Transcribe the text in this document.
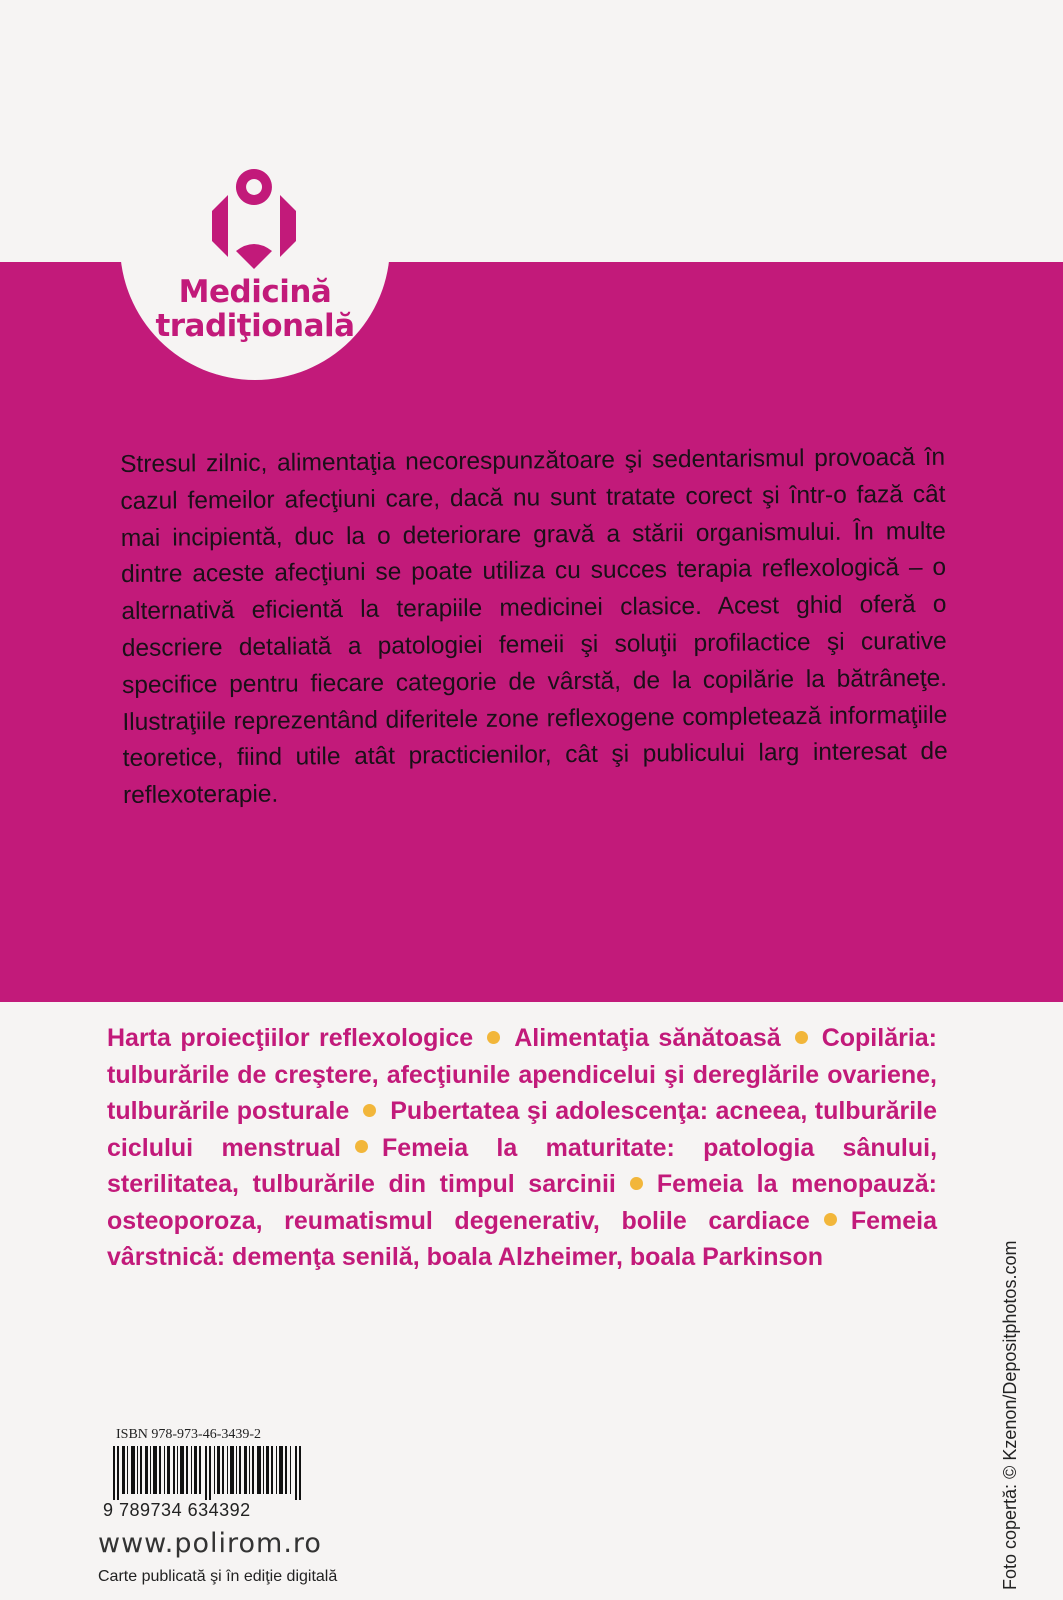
Medicină
tradiţională

Stresul zilnic, alimentaţia necorespunzătoare şi sedentarismul provoacă în cazul femeilor afecţiuni care, dacă nu sunt tratate corect şi într-o fază cât mai incipientă, duc la o deteriorare gravă a stării organismului. În multe dintre aceste afecţiuni se poate utiliza cu succes terapia reflexologică – o alternativă eficientă la terapiile medicinei clasice. Acest ghid oferă o descriere detaliată a patologiei femeii şi soluţii profilactice şi curative specifice pentru fiecare categorie de vârstă, de la copilărie la bătrâneţe. Ilustraţiile reprezentând diferitele zone reflexogene completează informaţiile teoretice, fiind utile atât practicienilor, cât şi publicului larg interesat de reflexoterapie.

Harta proiecţiilor reflexologice Alimentaţia sănătoasă Copilăria: tulburările de creştere, afecţiunile apendicelui şi dereglările ovariene, tulburările posturale Pubertatea şi adolescenţa: acneea, tulburările ciclului menstrual Femeia la maturitate: patologia sânului, sterilitatea, tulburările din timpul sarcinii Femeia la menopauză: osteoporoza, reumatismul degenerativ, bolile cardiace Femeia vârstnică: demenţa senilă, boala Alzheimer, boala Parkinson
ISBN 978-973-46-3439-2
9 789734 634392
www.polirom.ro
Carte publicată şi în ediţie digitală	Foto copertă: © Kzenon/Depositphotos.com
